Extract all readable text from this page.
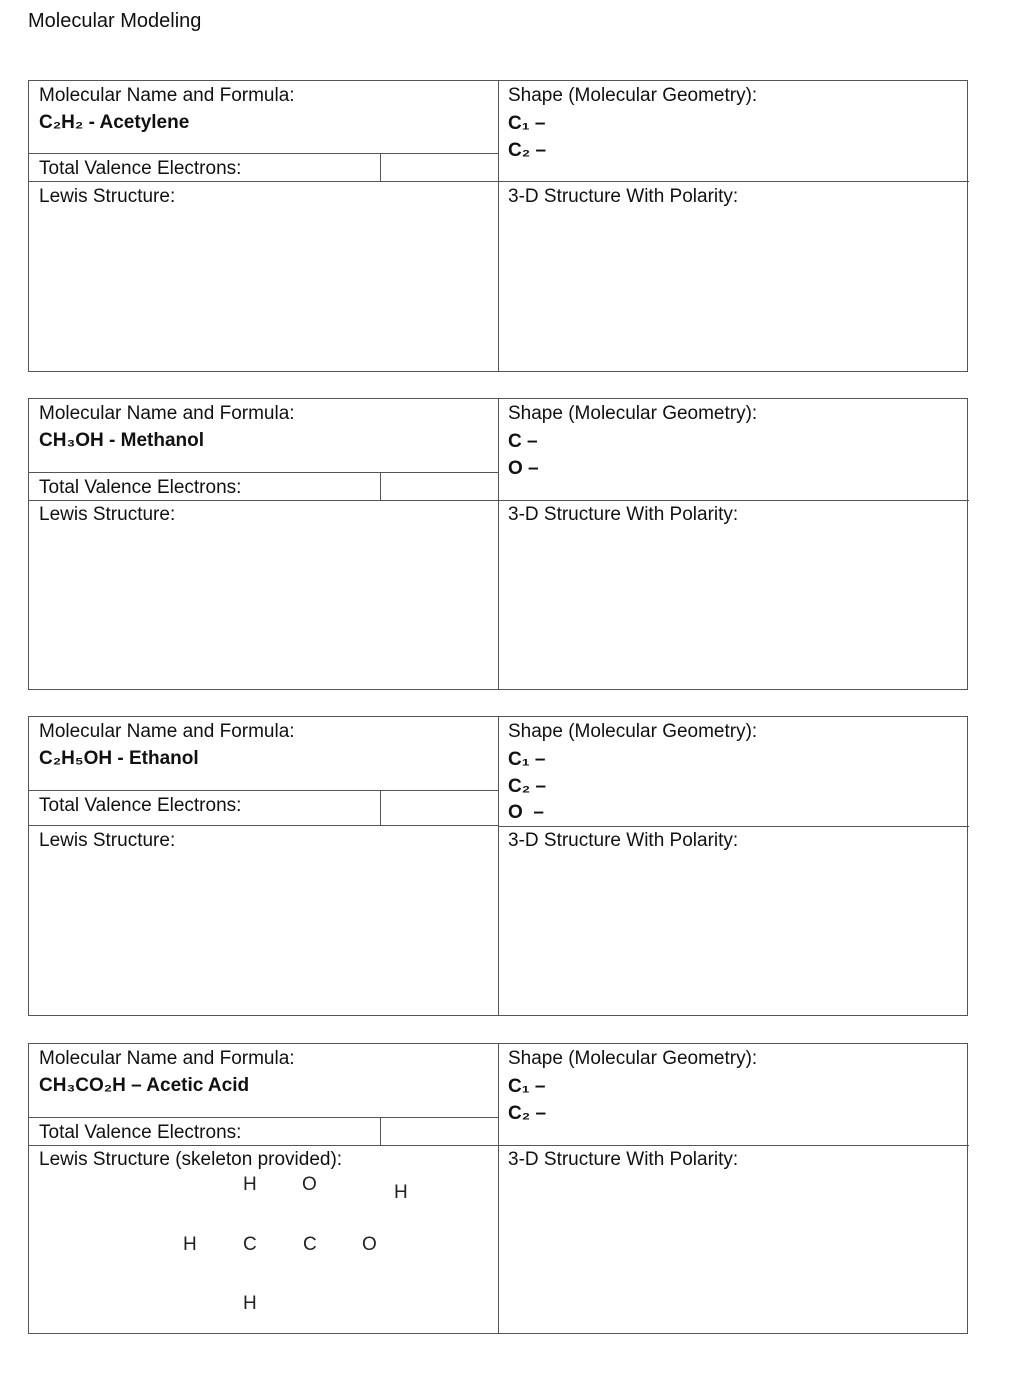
Molecular Modeling
Molecular Name and Formula:
C₂H₂ - Acetylene
Total Valence Electrons:
Lewis Structure:
Shape (Molecular Geometry):
C₁ –
C₂ –
3-D Structure With Polarity:
Molecular Name and Formula:
CH₃OH - Methanol
Total Valence Electrons:
Lewis Structure:
Shape (Molecular Geometry):
C –
O –
3-D Structure With Polarity:
Molecular Name and Formula:
C₂H₅OH - Ethanol
Total Valence Electrons:
Lewis Structure:
Shape (Molecular Geometry):
C₁ –
C₂ –
O  –
3-D Structure With Polarity:
Molecular Name and Formula:
CH₃CO₂H – Acetic Acid
Total Valence Electrons:
Lewis Structure (skeleton provided):
H O	H
H C C O
H
Shape (Molecular Geometry):
C₁ –
C₂ –
3-D Structure With Polarity:
